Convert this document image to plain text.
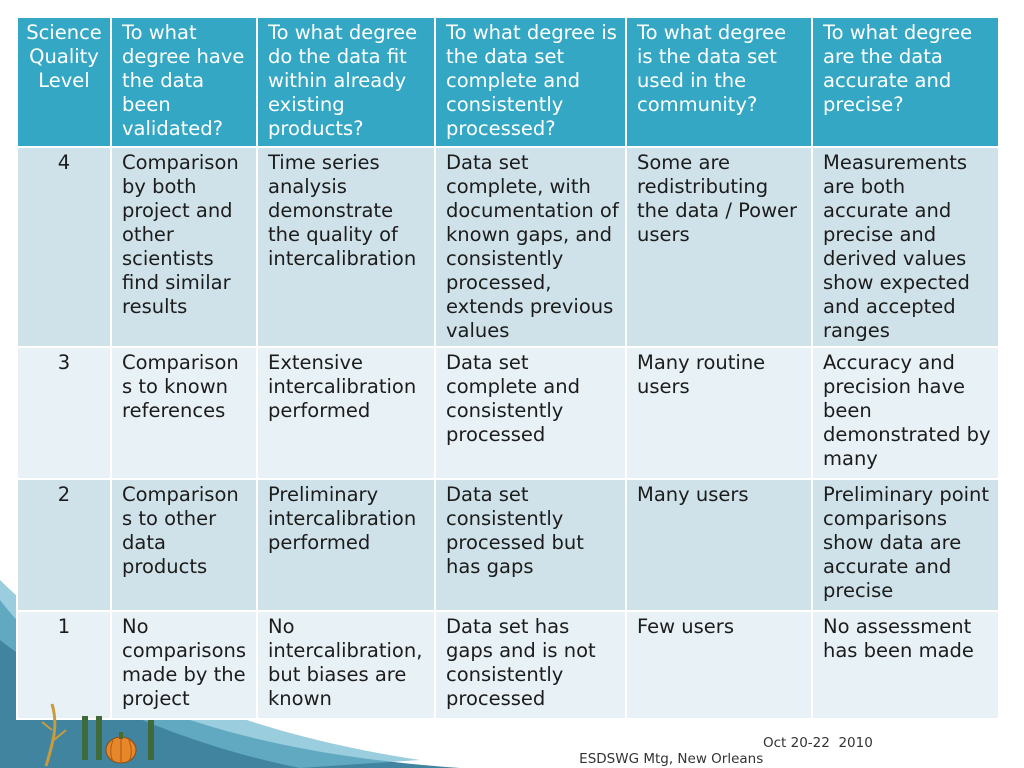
Science Quality Level	To what degree have the data been validated?	To what degree do the data fit within already existing products?	To what degree is the data set complete and consistently processed?	To what degree is the data set used in the community?	To what degree are the data accurate and precise?
4	Comparison by both project and other scientists find similar results	Time series analysis demonstrate the quality of intercalibration	Data set complete, with documentation of known gaps, and consistently processed, extends previous values	Some are redistributing the data / Power users	Measurements are both accurate and precise and derived values show expected and accepted ranges
3	Comparison s to known references	Extensive intercalibration performed	Data set complete and consistently processed	Many routine users	Accuracy and precision have been demonstrated by many
2	Comparison s to other data products	Preliminary intercalibration performed	Data set consistently processed but has gaps	Many users	Preliminary point comparisons show data are accurate and precise
1	No comparisons made by the project	No intercalibration, but biases are known	Data set has gaps and is not consistently processed	Few users	No assessment has been made

ESDSWG Mtg, New Orleans

Oct 20-22  2010
